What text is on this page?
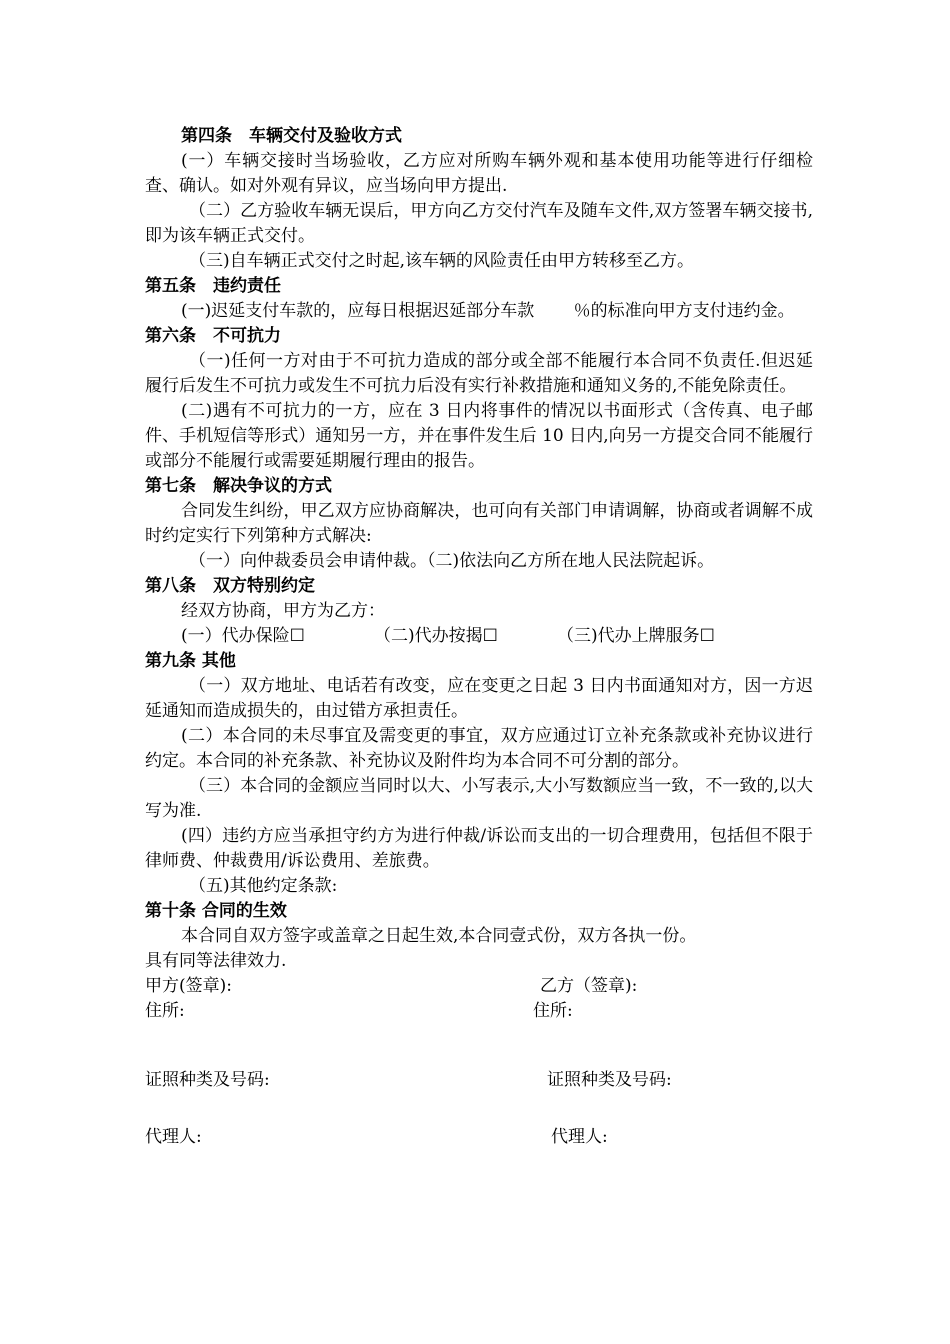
第四条　车辆交付及验收方式

(一）车辆交接时当场验收，乙方应对所购车辆外观和基本使用功能等进行仔细检查、确认。如对外观有异议，应当场向甲方提出.

（二）乙方验收车辆无误后，甲方向乙方交付汽车及随车文件,双方签署车辆交接书,即为该车辆正式交付。

（三)自车辆正式交付之时起,该车辆的风险责任由甲方转移至乙方。

第五条　违约责任

(一)迟延支付车款的，应每日根据迟延部分车款　　 ％的标准向甲方支付违约金。

第六条　不可抗力

（一)任何一方对由于不可抗力造成的部分或全部不能履行本合同不负责任.但迟延履行后发生不可抗力或发生不可抗力后没有实行补救措施和通知义务的,不能免除责任。

(二)遇有不可抗力的一方，应在 3 日内将事件的情况以书面形式（含传真、电子邮件、手机短信等形式）通知另一方，并在事件发生后 10 日内,向另一方提交合同不能履行或部分不能履行或需要延期履行理由的报告。

第七条　解决争议的方式

合同发生纠纷，甲乙双方应协商解决，也可向有关部门申请调解，协商或者调解不成时约定实行下列第种方式解决:

（一）向仲裁委员会申请仲裁。（二)依法向乙方所在地人民法院起诉。

第八条　双方特别约定

经双方协商，甲方为乙方：

(一）代办保险☐	（二)代办按揭☐	（三)代办上牌服务☐

第九条 其他

（一）双方地址、电话若有改变，应在变更之日起 3 日内书面通知对方，因一方迟延通知而造成损失的，由过错方承担责任。

(二）本合同的未尽事宜及需变更的事宜，双方应通过订立补充条款或补充协议进行约定。本合同的补充条款、补充协议及附件均为本合同不可分割的部分。

（三）本合同的金额应当同时以大、小写表示,大小写数额应当一致，不一致的,以大写为准.

(四）违约方应当承担守约方为进行仲裁/诉讼而支出的一切合理费用，包括但不限于律师费、仲裁费用/诉讼费用、差旅费。

（五)其他约定条款:

第十条 合同的生效

本合同自双方签字或盖章之日起生效,本合同壹式份，双方各执一份。

具有同等法律效力.

甲方(签章):	乙方（签章):
住所:	住所:
证照种类及号码:	证照种类及号码:
代理人:	代理人:
